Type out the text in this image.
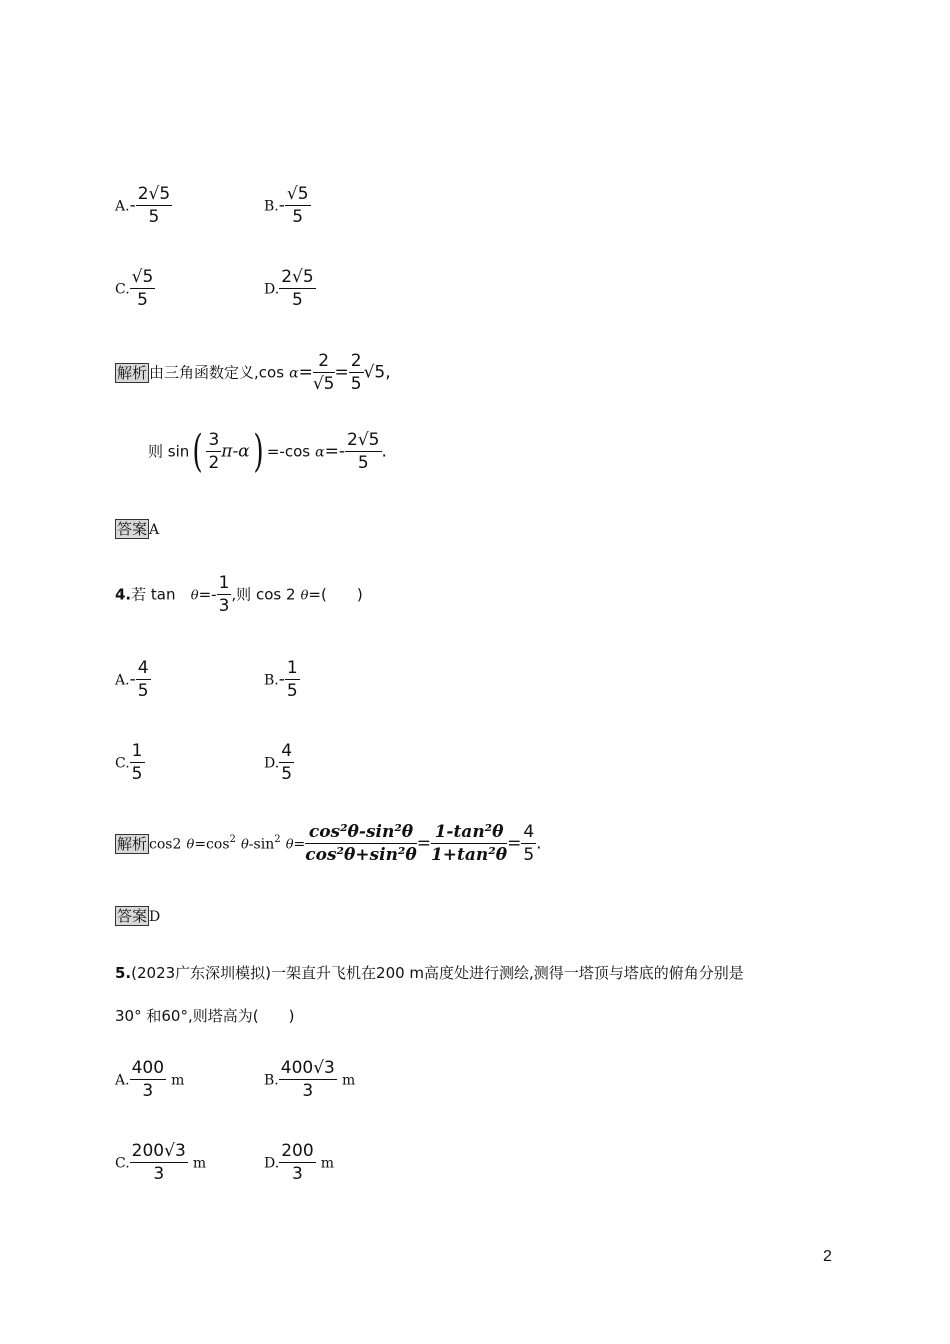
$A.- \frac{2√5}{5}$	$B.- \frac{√5}{5}$
C. $\frac{√5}{5}$	D. $\frac{2√5}{5}$
解析 由三角函数定义,cos $\alpha= \frac{2}{√5} = \frac{2}{5} √5$,
则 $\sin( \frac{3}{2} \pi-\alpha) =-\cos$ $\alpha=- \frac{2√5}{5}$ .
答案 A
4.若 $\tan \theta=- \frac{1}{3}$ ,则 cos 2 θ=(　　)
$A.- \frac{4}{5}$	$B.- \frac{1}{5}$
C. $\frac{1}{5}$	D. $\frac{4}{5}$
解析 cos2 $\theta=\cos^2$ $\theta-\sin^2$ $\theta= \frac{\text{cos²θ-sin²θ}}{\text{cos²θ+sin²θ}} = \frac{\text{1-tan²θ}}{\text{1+tan²θ}} = \frac{4}{5}$ .
答案 D
5.(2023广东深圳模拟)一架直升飞机在200 m高度处进行测绘,测得一塔顶与塔底的俯角分别是
30° 和60°,则塔高为(　　)
A. $\frac{400}{3}$ m	B. $\frac{400√3}{3}$ m
C. $\frac{200√3}{3}$ m	D. $\frac{200}{3}$ m
2
